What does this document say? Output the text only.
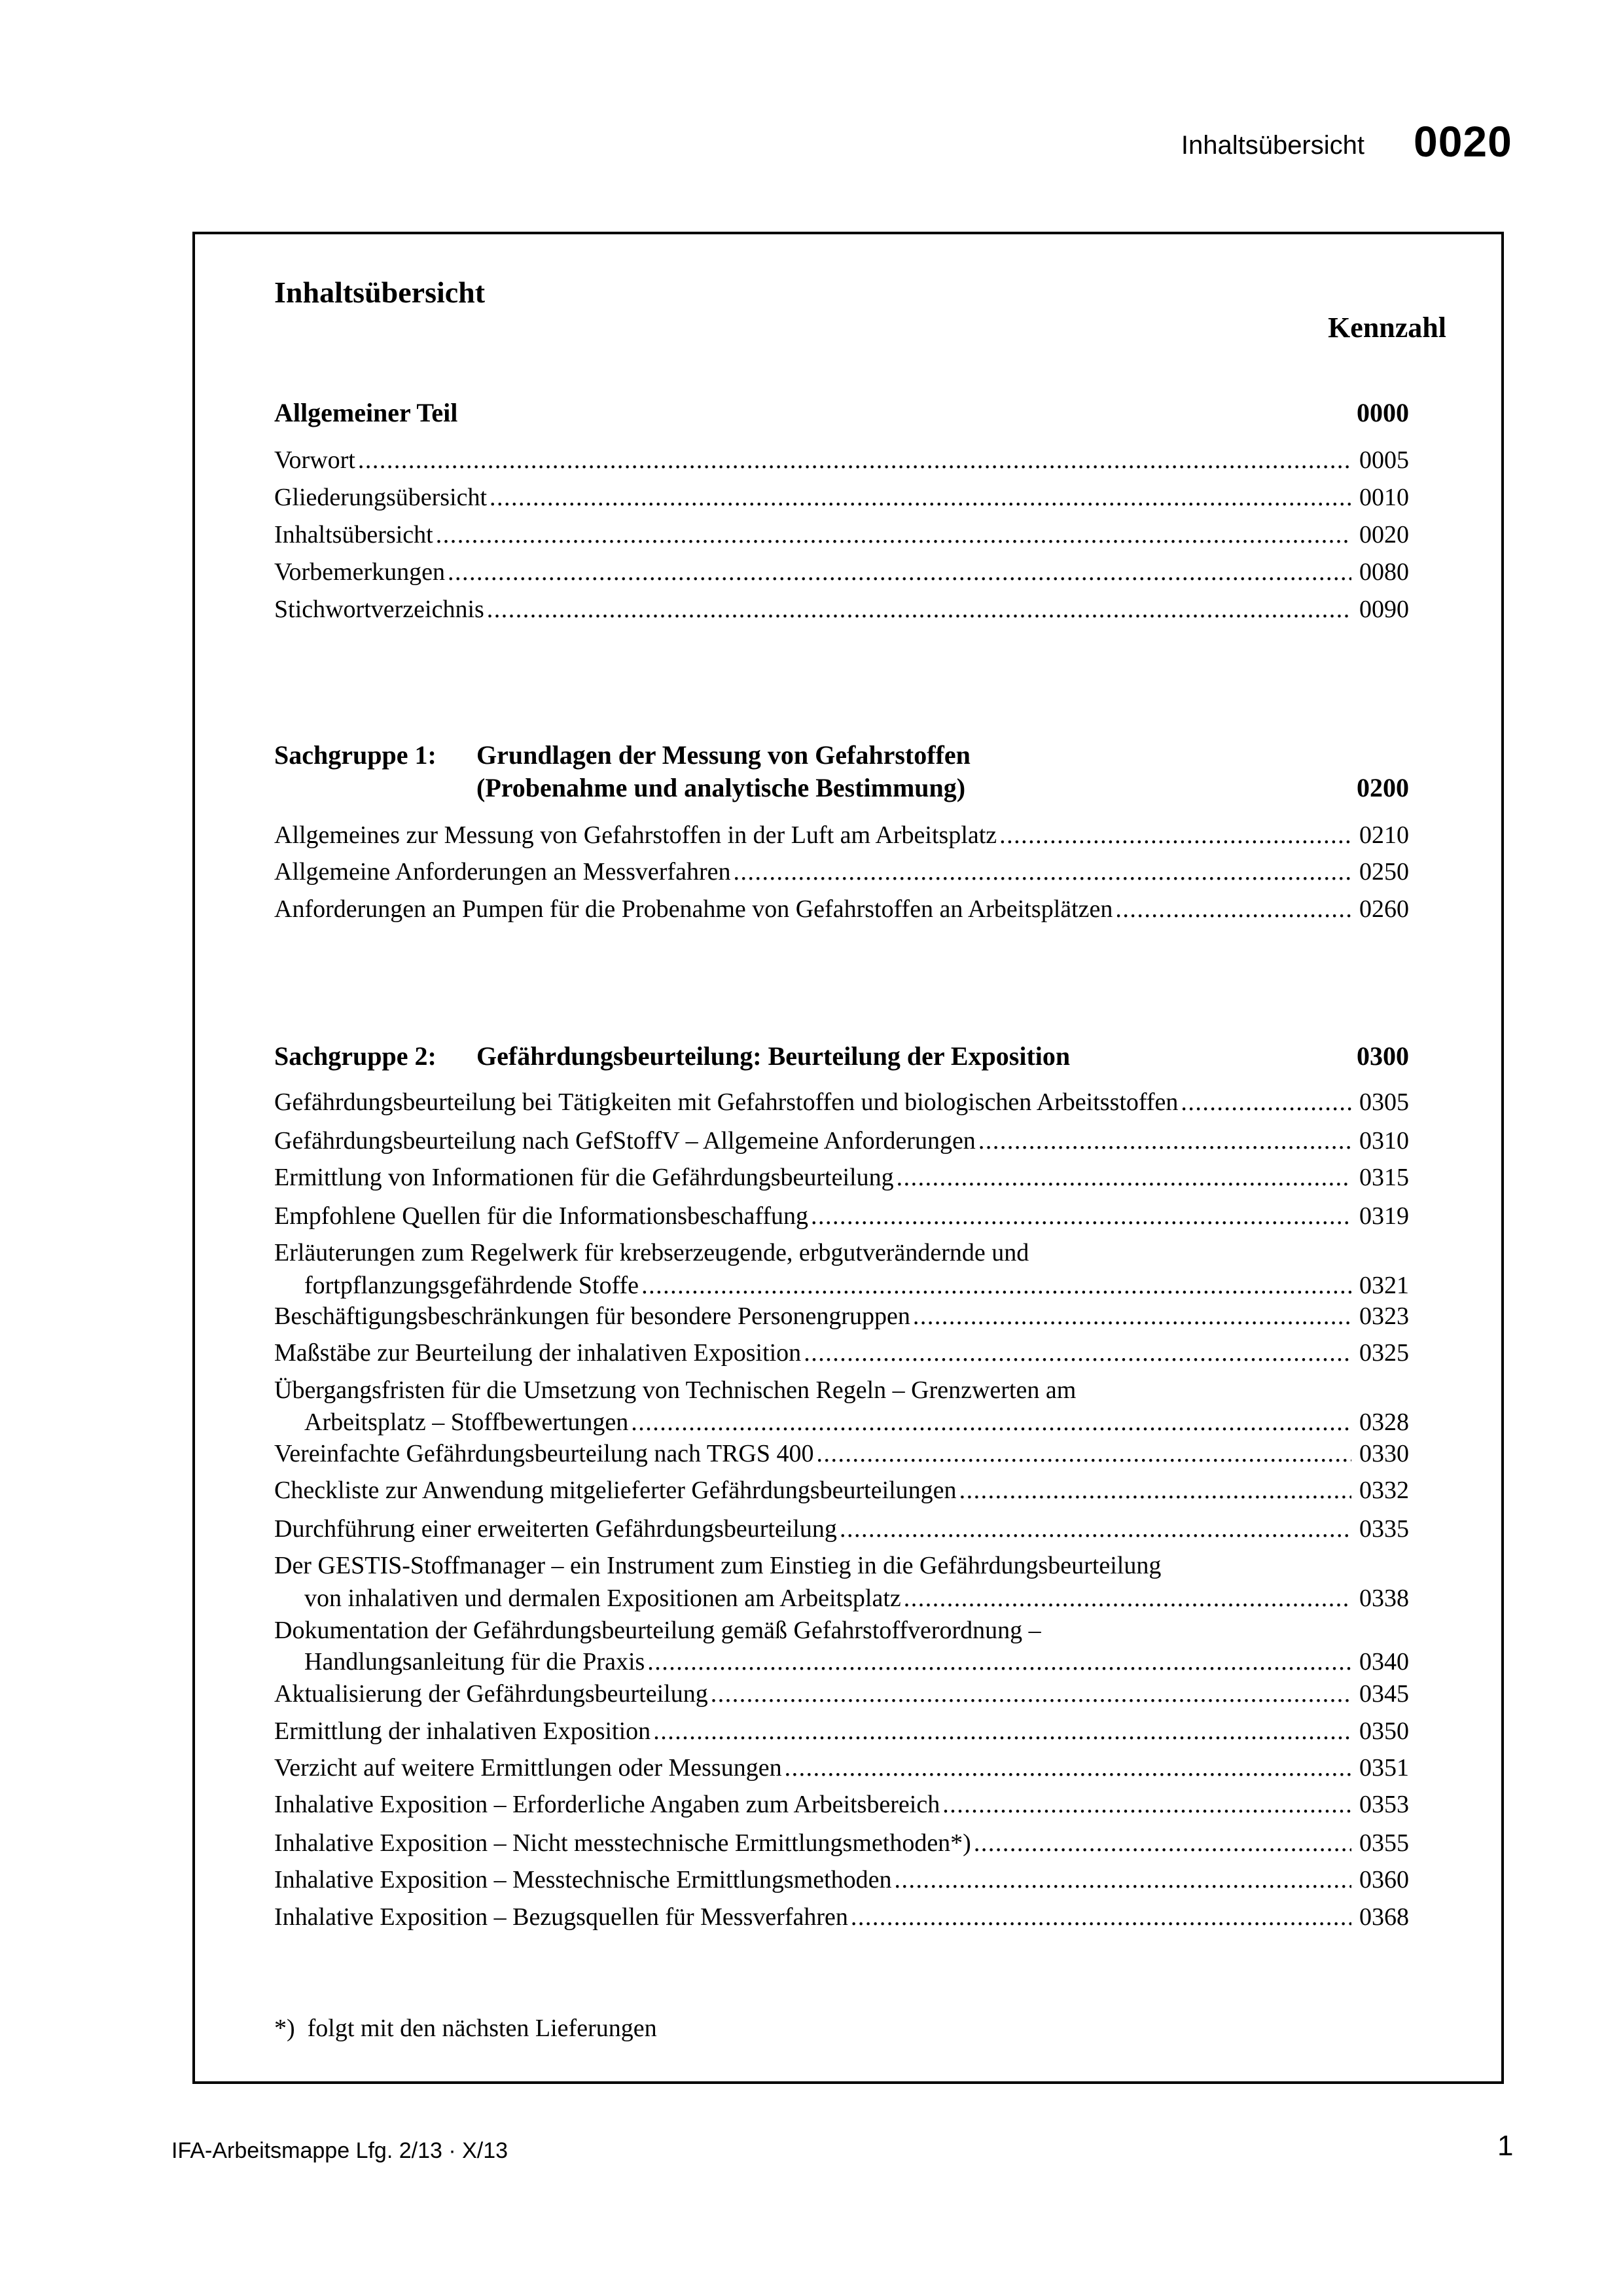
Inhaltsübersicht 0020
Inhaltsübersicht
Kennzahl
Allgemeiner Teil	0000
Vorwort .....	0005
Gliederungsübersicht .....	0010
Inhaltsübersicht .....	0020
Vorbemerkungen .....	0080
Stichwortverzeichnis .....	0090
Sachgruppe 1: Grundlagen der Messung von Gefahrstoffen
(Probenahme und analytische Bestimmung)	0200
Allgemeines zur Messung von Gefahrstoffen in der Luft am Arbeitsplatz .....	0210
Allgemeine Anforderungen an Messverfahren .....	0250
Anforderungen an Pumpen für die Probenahme von Gefahrstoffen an Arbeitsplätzen .....	0260
Sachgruppe 2: Gefährdungsbeurteilung: Beurteilung der Exposition	0300
Gefährdungsbeurteilung bei Tätigkeiten mit Gefahrstoffen und biologischen Arbeitsstoffen .....	0305
Gefährdungsbeurteilung nach GefStoffV – Allgemeine Anforderungen .....	0310
Ermittlung von Informationen für die Gefährdungsbeurteilung .....	0315
Empfohlene Quellen für die Informationsbeschaffung .....	0319
Erläuterungen zum Regelwerk für krebserzeugende, erbgutverändernde und
fortpflanzungsgefährdende Stoffe .....	0321
Beschäftigungsbeschränkungen für besondere Personengruppen .....	0323
Maßstäbe zur Beurteilung der inhalativen Exposition .....	0325
Übergangsfristen für die Umsetzung von Technischen Regeln – Grenzwerten am
Arbeitsplatz – Stoffbewertungen .....	0328
Vereinfachte Gefährdungsbeurteilung nach TRGS 400 .....	0330
Checkliste zur Anwendung mitgelieferter Gefährdungsbeurteilungen .....	0332
Durchführung einer erweiterten Gefährdungsbeurteilung .....	0335
Der GESTIS-Stoffmanager – ein Instrument zum Einstieg in die Gefährdungsbeurteilung
von inhalativen und dermalen Expositionen am Arbeitsplatz .....	0338
Dokumentation der Gefährdungsbeurteilung gemäß Gefahrstoffverordnung –
Handlungsanleitung für die Praxis .....	0340
Aktualisierung der Gefährdungsbeurteilung .....	0345
Ermittlung der inhalativen Exposition .....	0350
Verzicht auf weitere Ermittlungen oder Messungen .....	0351
Inhalative Exposition – Erforderliche Angaben zum Arbeitsbereich .....	0353
Inhalative Exposition – Nicht messtechnische Ermittlungsmethoden*) .....	0355
Inhalative Exposition – Messtechnische Ermittlungsmethoden .....	0360
Inhalative Exposition – Bezugsquellen für Messverfahren .....	0368
*)  folgt mit den nächsten Lieferungen
IFA-Arbeitsmappe Lfg. 2/13 · X/13	1
